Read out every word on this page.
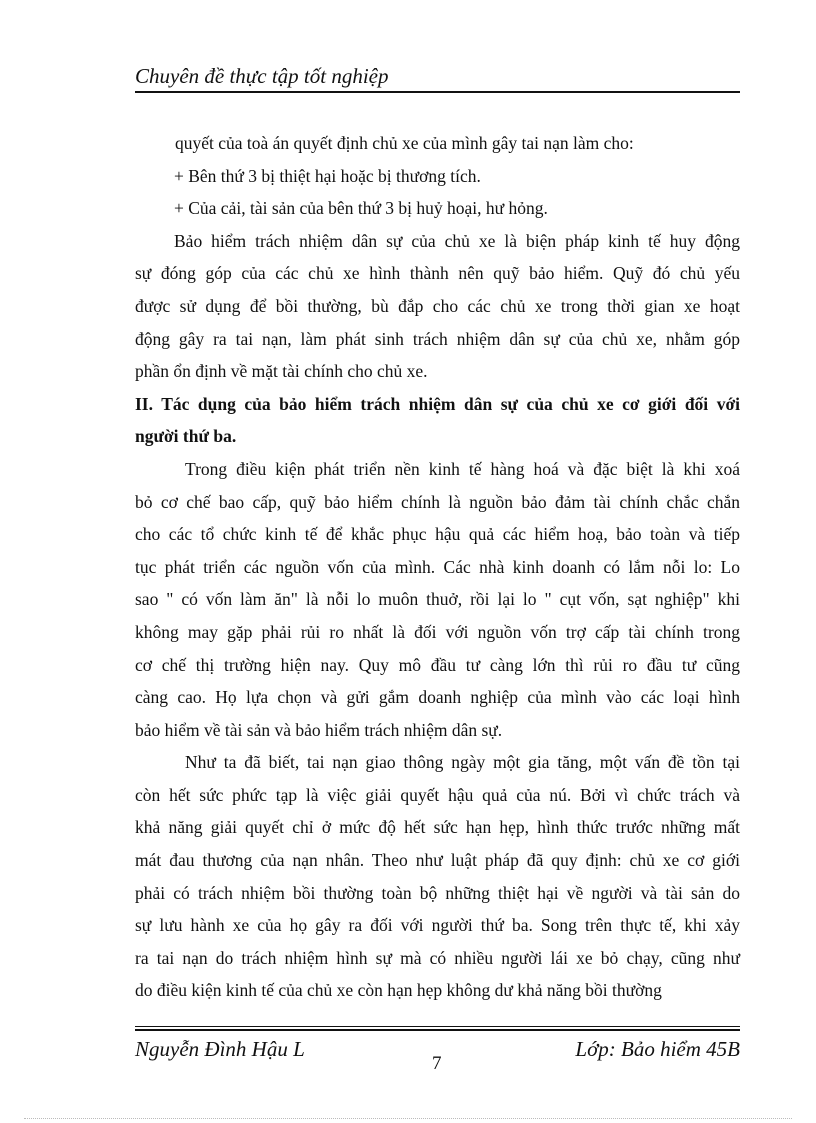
Chuyên đề thực tập tốt nghiệp
quyết của toà án quyết định chủ xe của mình gây tai nạn làm cho:
+ Bên thứ 3 bị thiệt hại hoặc bị thương tích.
+ Của cải, tài sản của bên thứ 3 bị huỷ hoại, hư hỏng.
Bảo hiểm trách nhiệm dân sự của chủ xe là biện pháp kinh tế huy động
sự đóng góp của các chủ xe hình thành nên quỹ bảo hiểm. Quỹ đó chủ yếu
được sử dụng để bồi thường, bù đắp cho các chủ xe trong thời gian xe hoạt
động gây ra tai nạn, làm phát sinh trách nhiệm dân sự của chủ xe, nhằm góp
phần ổn định về mặt tài chính cho chủ xe.
II. Tác dụng của bảo hiểm trách nhiệm dân sự của chủ xe cơ giới đối với
người thứ ba.
Trong điều kiện phát triển nền kinh tế hàng hoá và đặc biệt là khi xoá
bỏ cơ chế bao cấp, quỹ bảo hiểm chính là nguồn bảo đảm tài chính chắc chắn
cho các tổ chức kinh tế để khắc phục hậu quả các hiểm hoạ, bảo toàn và tiếp
tục phát triển các nguồn vốn của mình. Các nhà kinh doanh có lắm nỗi lo: Lo
sao " có vốn làm ăn" là nỗi lo muôn thuở, rồi lại lo " cụt vốn, sạt nghiệp" khi
không may gặp phải rủi ro nhất là đối với nguồn vốn trợ cấp tài chính trong
cơ chế thị trường hiện nay. Quy mô đầu tư càng lớn thì rủi ro đầu tư cũng
càng cao. Họ lựa chọn và gửi gắm doanh nghiệp của mình vào các loại hình
bảo hiểm về tài sản và bảo hiểm trách nhiệm dân sự.
Như ta đã biết, tai nạn giao thông ngày một gia tăng, một vấn đề tồn tại
còn hết sức phức tạp là việc giải quyết hậu quả của nú. Bởi vì chức trách và
khả năng giải quyết chỉ ở mức độ hết sức hạn hẹp, hình thức trước những mất
mát đau thương của nạn nhân. Theo như luật pháp đã quy định: chủ xe cơ giới
phải có trách nhiệm bồi thường toàn bộ những thiệt hại về người và tài sản do
sự lưu hành xe của họ gây ra đối với người thứ ba. Song trên thực tế, khi xảy
ra tai nạn do trách nhiệm hình sự mà có nhiều người lái xe bỏ chạy, cũng như
do điều kiện kinh tế của chủ xe còn hạn hẹp không dư khả năng bồi thường
Nguyễn Đình Hậu L
7
Lớp: Bảo hiểm 45B
